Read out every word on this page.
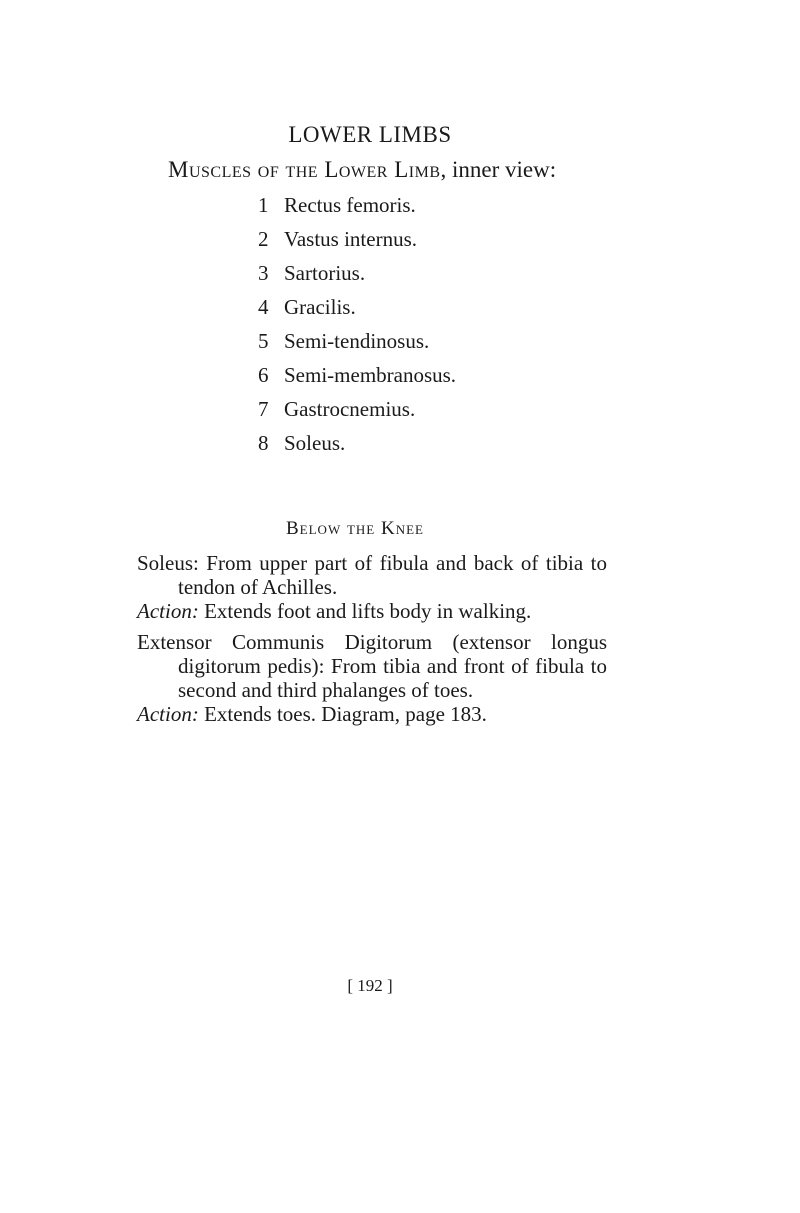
LOWER LIMBS
Muscles of the Lower Limb, inner view:
1 Rectus femoris.
2 Vastus internus.
3 Sartorius.
4 Gracilis.
5 Semi-tendinosus.
6 Semi-membranosus.
7 Gastrocnemius.
8 Soleus.
Below the Knee

Soleus: From upper part of fibula and back of tibia to tendon of Achilles.

Action: Extends foot and lifts body in walking.

Extensor Communis Digitorum (extensor longus digitorum pedis): From tibia and front of fibula to second and third phalanges of toes.

Action: Extends toes. Diagram, page 183.

[ 192 ]
